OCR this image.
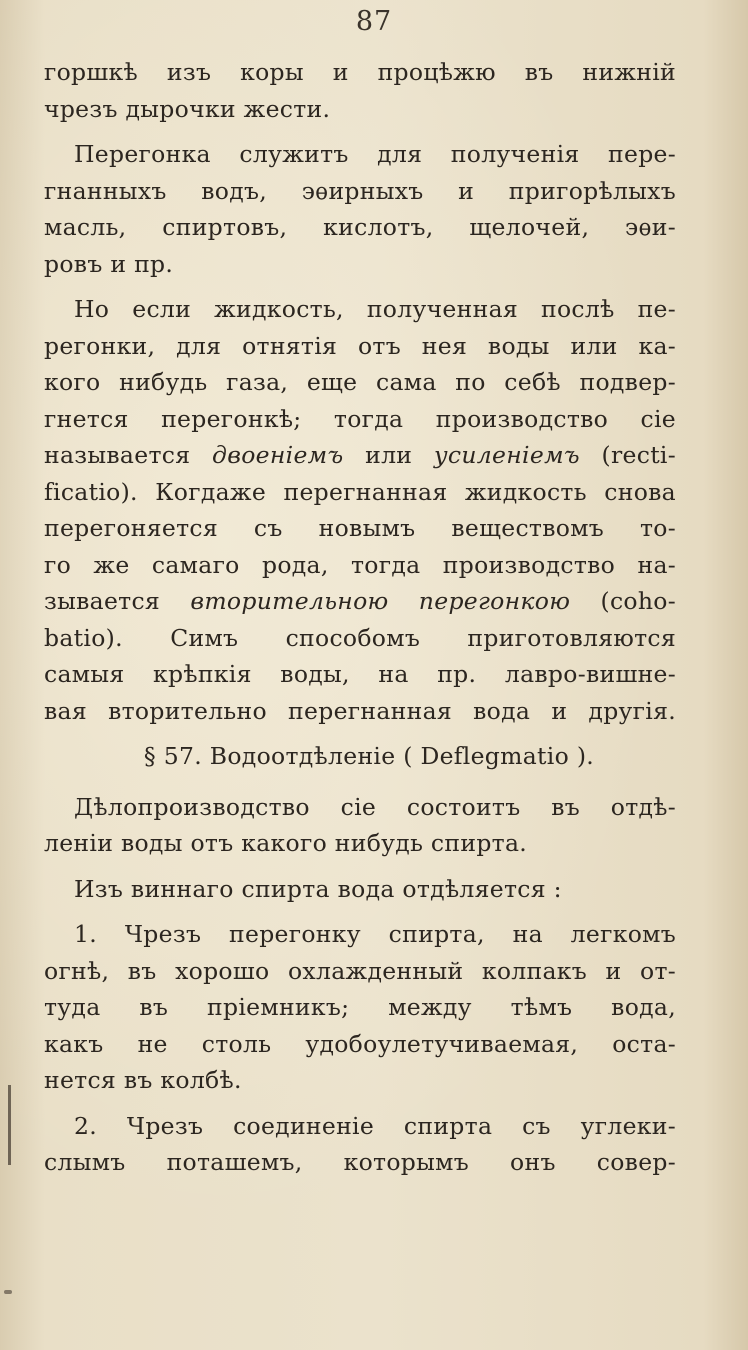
87
горшкѣ изъ коры и процѣжю въ нижній
чрезъ дырочки жести.
Перегонка служитъ для полученія пере-
гнанныхъ водъ, эѳирныхъ и пригорѣлыхъ
масль, спиртовъ, кислотъ, щелочей, эѳи-
ровъ и пр.
Но если жидкость, полученная послѣ пе-
регонки, для отнятія отъ нея воды или ка-
кого нибудь газа, еще сама по себѣ подвер-
гнется перегонкѣ; тогда производство сіе
называется двоеніемъ или усиленіемъ (recti-
ficatio). Когдаже перегнанная жидкость снова
перегоняется съ новымъ веществомъ то-
го же самаго рода, тогда производство на-
зывается вторительною перегонкою (coho-
batio). Симъ способомъ приготовляются
самыя крѣпкія воды, на пр. лавро-вишне-
вая вторительно перегнанная вода и другія.
§ 57. Водоотдѣленіе ( Deflegmatio ).
Дѣлопроизводство сіе состоитъ въ отдѣ-
леніи воды отъ какого нибудь спирта.
Изъ виннаго спирта вода отдѣляется :
1. Чрезъ перегонку спирта, на легкомъ
огнѣ, въ хорошо охлажденный колпакъ и от-
туда въ пріемникъ; между тѣмъ вода,
какъ не столь удобоулетучиваемая, оста-
нется въ колбѣ.
2. Чрезъ соединеніе спирта съ углеки-
слымъ поташемъ, которымъ онъ совер-
